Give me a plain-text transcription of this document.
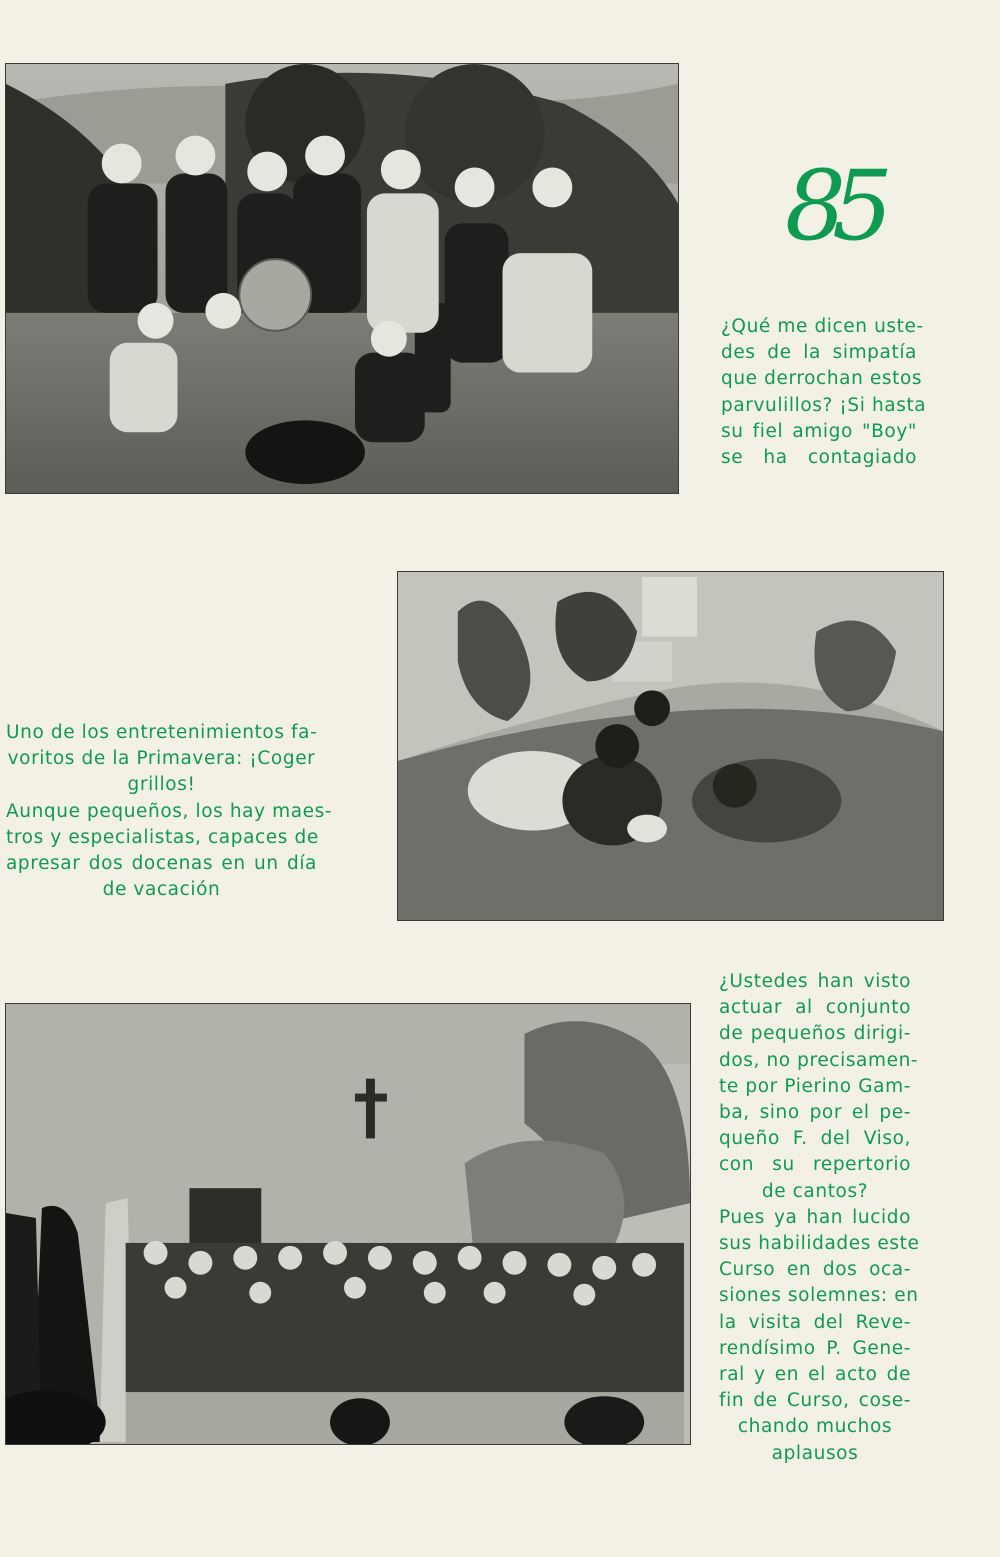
85
¿Qué me dicen uste-
des de la simpatía
que derrochan estos
parvulillos? ¡Si hasta
su fiel amigo "Boy"
se ha contagiado
Uno de los entretenimientos fa-
voritos de la Primavera: ¡Coger
grillos!
Aunque pequeños, los hay maes-
tros y especialistas, capaces de
apresar dos docenas en un día
de vacación
¿Ustedes han visto
actuar al conjunto
de pequeños dirigi-
dos, no precisamen-
te por Pierino Gam-
ba, sino por el pe-
queño F. del Viso,
con su repertorio
de cantos?
Pues ya han lucido
sus habilidades este
Curso en dos oca-
siones solemnes: en
la visita del Reve-
rendísimo P. Gene-
ral y en el acto de
fin de Curso, cose-
chando muchos
aplausos
